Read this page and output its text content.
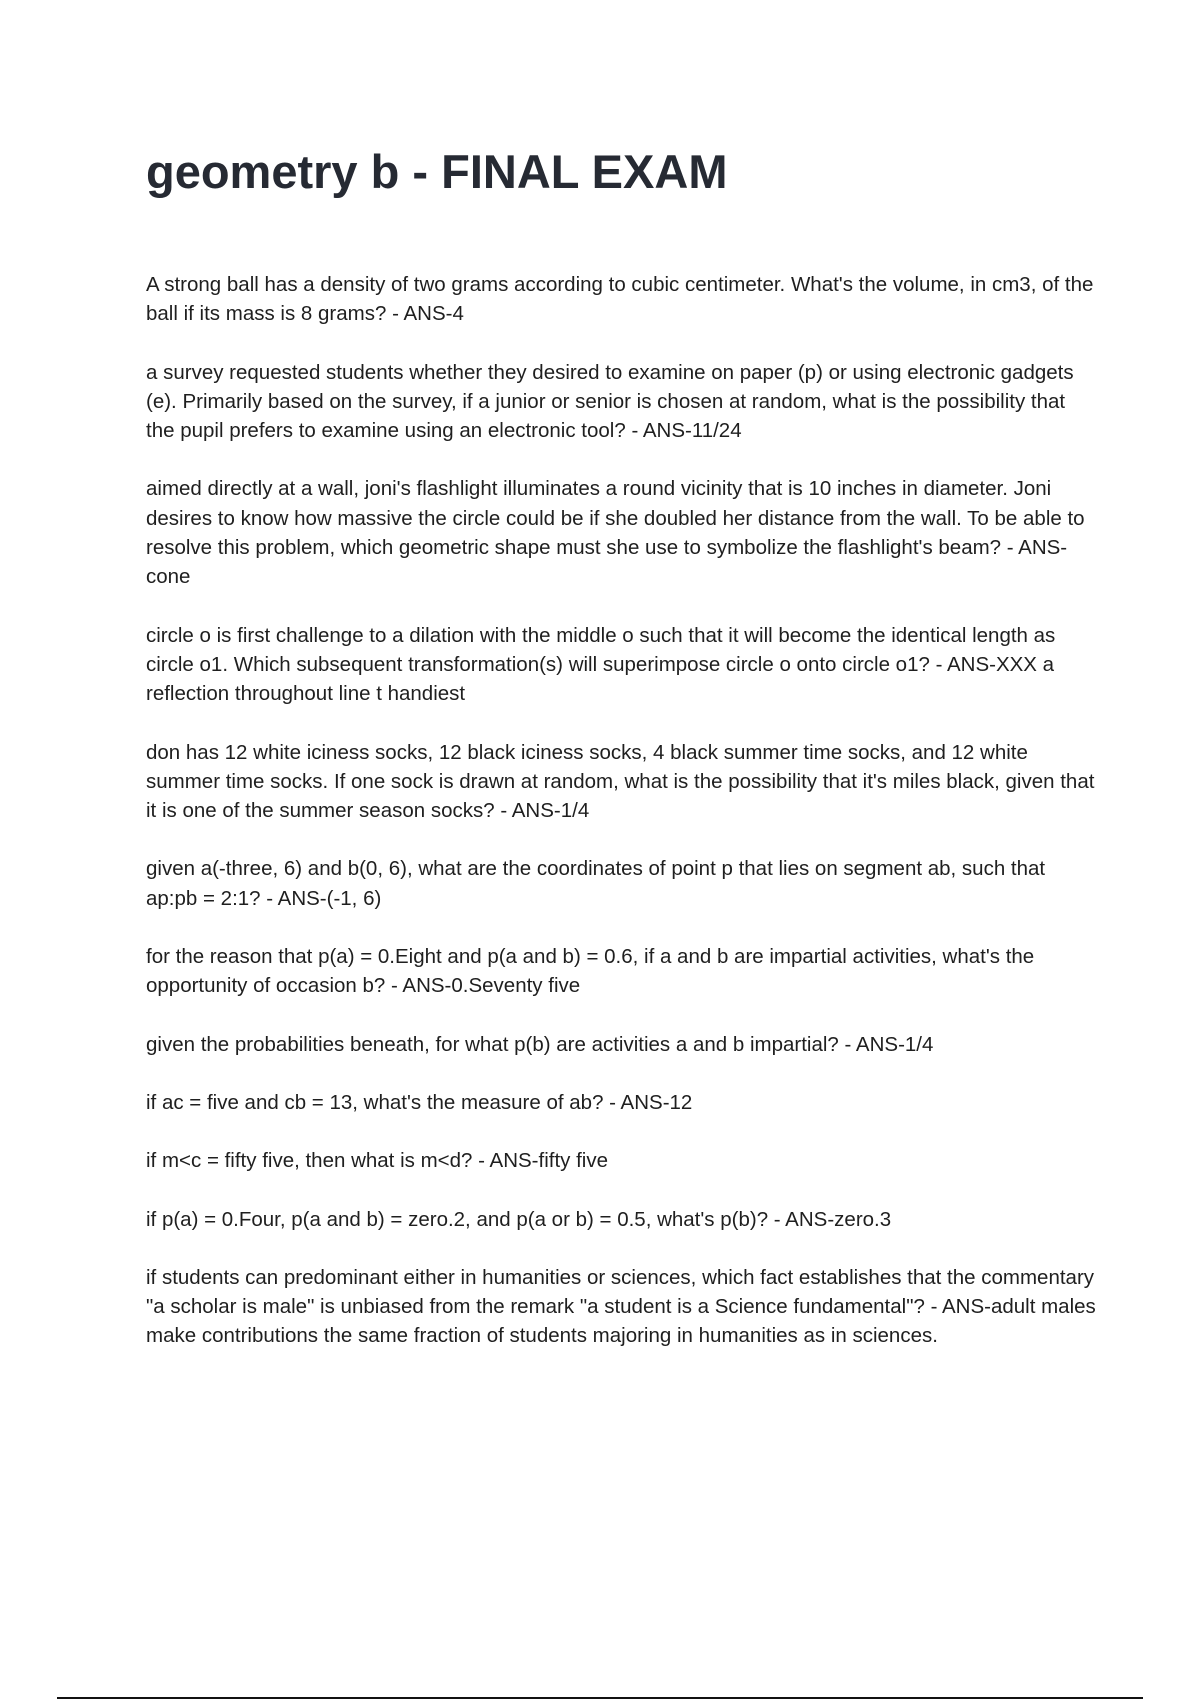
geometry b - FINAL EXAM
A strong ball has a density of two grams according to cubic centimeter. What's the volume, in cm3, of the ball if its mass is 8 grams? - ANS-4
a survey requested students whether they desired to examine on paper (p) or using electronic gadgets (e). Primarily based on the survey, if a junior or senior is chosen at random, what is the possibility that the pupil prefers to examine using an electronic tool? - ANS-11/24
aimed directly at a wall, joni's flashlight illuminates a round vicinity that is 10 inches in diameter. Joni desires to know how massive the circle could be if she doubled her distance from the wall. To be able to resolve this problem, which geometric shape must she use to symbolize the flashlight's beam? - ANS-cone
circle o is first challenge to a dilation with the middle o such that it will become the identical length as circle o1. Which subsequent transformation(s) will superimpose circle o onto circle o1? - ANS-XXX a reflection throughout line t handiest
don has 12 white iciness socks, 12 black iciness socks, 4 black summer time socks, and 12 white summer time socks. If one sock is drawn at random, what is the possibility that it's miles black, given that it is one of the summer season socks? - ANS-1/4
given a(-three, 6) and b(0, 6), what are the coordinates of point p that lies on segment ab, such that ap:pb = 2:1? - ANS-(-1, 6)
for the reason that p(a) = 0.Eight and p(a and b) = 0.6, if a and b are impartial activities, what's the opportunity of occasion b? - ANS-0.Seventy five
given the probabilities beneath, for what p(b) are activities a and b impartial? - ANS-1/4
if ac = five and cb = 13, what's the measure of ab? - ANS-12
if m<c = fifty five, then what is m<d? - ANS-fifty five
if p(a) = 0.Four, p(a and b) = zero.2, and p(a or b) = 0.5, what's p(b)? - ANS-zero.3
if students can predominant either in humanities or sciences, which fact establishes that the commentary "a scholar is male" is unbiased from the remark "a student is a Science fundamental"? - ANS-adult males make contributions the same fraction of students majoring in humanities as in sciences.
